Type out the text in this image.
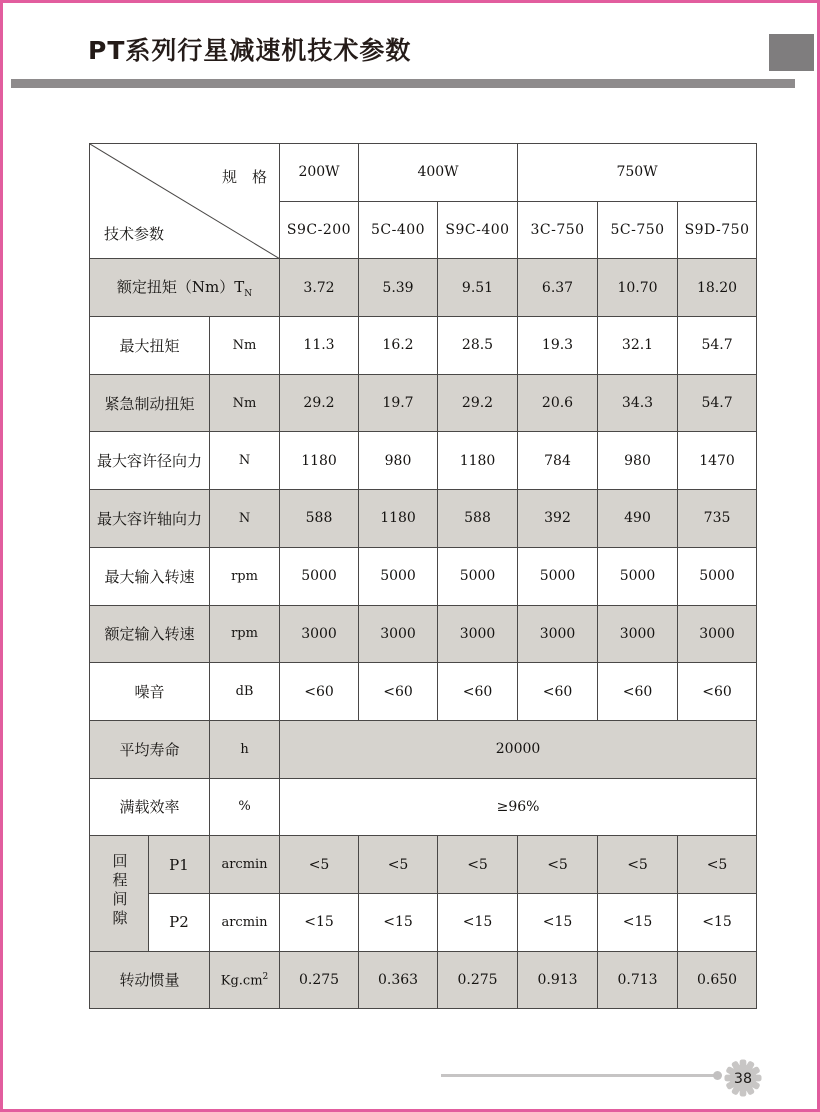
PT系列行星减速机技术参数
规　格
技术参数			200W	400W		750W		
			S9C-200	5C-400	S9C-400	3C-750	5C-750	S9D-750
额定扭矩$(Nm)T_N$			3.72	5.39	9.51	6.37	10.70	18.20
最大扭矩		Nm	11.3	16.2	28.5	19.3	32.1	54.7
紧急制动扭矩		Nm	29.2	19.7	29.2	20.6	34.3	54.7
最大容许径向力		N	1180	980	1180	784	980	1470
最大容许轴向力		N	588	1180	588	392	490	735
最大输入转速		rpm	5000	5000	5000	5000	5000	5000
额定输入转速		rpm	3000	3000	3000	3000	3000	3000
噪音		dB	<60	<60	<60	<60	<60	<60
平均寿命		h	20000					
满载效率		%	≥96%					
回程间隙	P1	arcmin	<5	<5	<5	<5	<5	<5
	P2	arcmin	<15	<15	<15	<15	<15	<15
转动惯量		$Kg.cm^2$	0.275	0.363	0.275	0.913	0.713	0.650
38
